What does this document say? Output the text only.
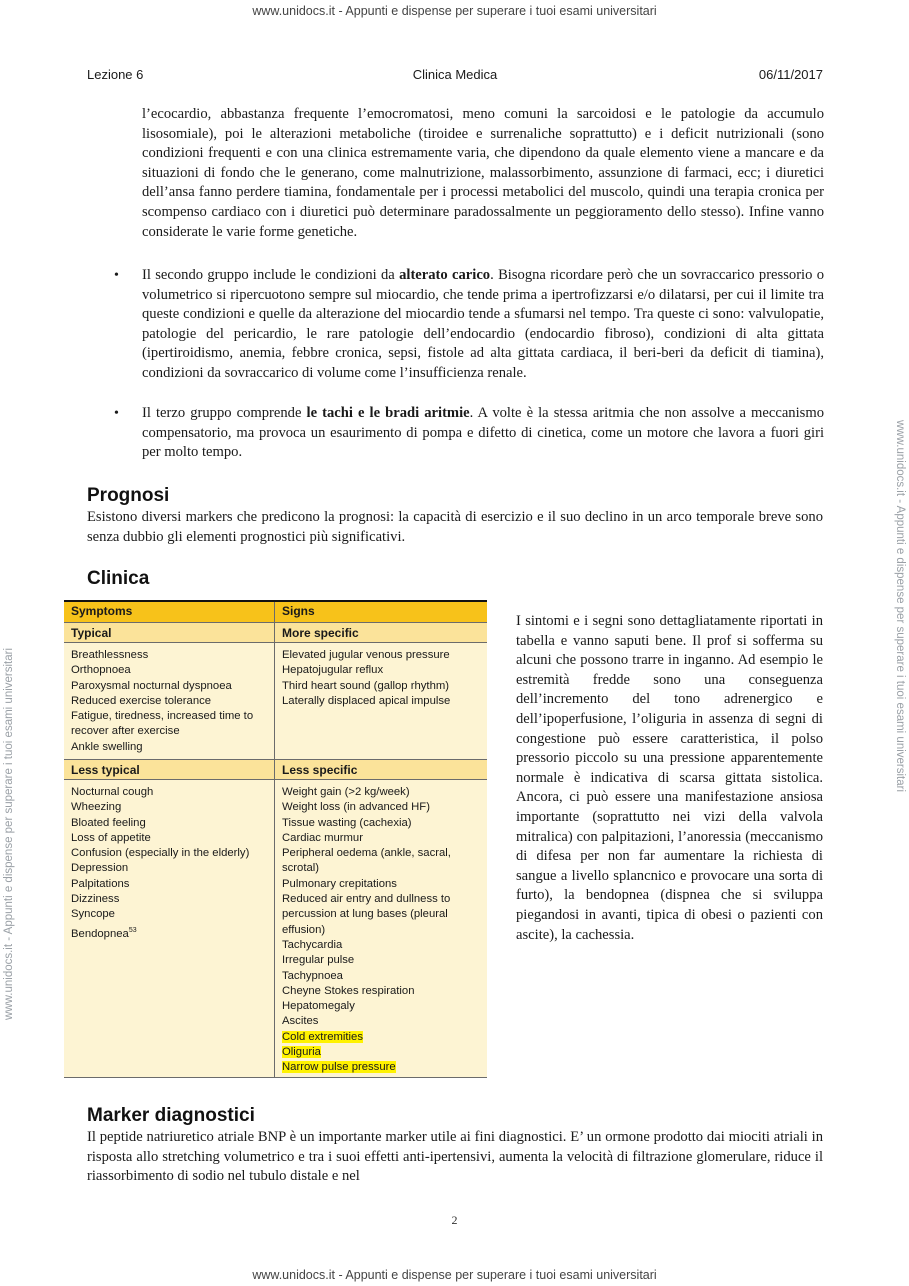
www.unidocs.it - Appunti e dispense per superare i tuoi esami universitari
www.unidocs.it - Appunti e dispense per superare i tuoi esami universitari
www.unidocs.it - Appunti e dispense per superare i tuoi esami universitari
Clinica Medica
Lezione 6	06/11/2017

l’ecocardio, abbastanza frequente l’emocromatosi, meno comuni la sarcoidosi e le patologie da accumulo lisosomiale), poi le alterazioni metaboliche (tiroidee e surrenaliche soprattutto) e i deficit nutrizionali (sono condizioni frequenti e con una clinica estremamente varia, che dipendono da quale elemento viene a mancare e da situazioni di fondo che le generano, come malnutrizione, malassorbimento, assunzione di farmaci, ecc; i diuretici dell’ansa fanno perdere tiamina, fondamentale per i processi metabolici del muscolo, quindi una terapia cronica per scompenso cardiaco con i diuretici può determinare paradossalmente un peggioramento dello stesso). Infine vanno considerate le varie forme genetiche.

• Il secondo gruppo include le condizioni da alterato carico. Bisogna ricordare però che un sovraccarico pressorio o volumetrico si ripercuotono sempre sul miocardio, che tende prima a ipertrofizzarsi e/o dilatarsi, per cui il limite tra queste condizioni e quelle da alterazione del miocardio tende a sfumarsi nel tempo. Tra queste ci sono: valvulopatie, patologie del pericardio, le rare patologie dell’endocardio (endocardio fibroso), condizioni di alta gittata (ipertiroidismo, anemia, febbre cronica, sepsi, fistole ad alta gittata cardiaca, il beri-beri da deficit di tiamina), condizioni da sovraccarico di volume come l’insufficienza renale.

• Il terzo gruppo comprende le tachi e le bradi aritmie. A volte è la stessa aritmia che non assolve a meccanismo compensatorio, ma provoca un esaurimento di pompa e difetto di cinetica, come un motore che lavora a fuori giri per molto tempo.

Prognosi

Esistono diversi markers che predicono la prognosi: la capacità di esercizio e il suo declino in un arco temporale breve sono senza dubbio gli elementi prognostici più significativi.

Clinica
Symptoms
Typical
Breathlessness
Orthopnoea
Paroxysmal nocturnal dyspnoea
Reduced exercise tolerance
Fatigue, tiredness, increased time to recover after exercise
Ankle swelling
Less typical
Nocturnal cough
Wheezing
Bloated feeling
Loss of appetite
Confusion (especially in the elderly)
Depression
Palpitations
Dizziness
Syncope
Bendopnea$^{53}$
Signs
More specific
Elevated jugular venous pressure
Hepatojugular reflux
Third heart sound (gallop rhythm)
Laterally displaced apical impulse
Less specific
Weight gain (>2 kg/week)
Weight loss (in advanced HF)
Tissue wasting (cachexia)
Cardiac murmur
Peripheral oedema (ankle, sacral, scrotal)
Pulmonary crepitations
Reduced air entry and dullness to percussion at lung bases (pleural effusion)
Tachycardia
Irregular pulse
Tachypnoea
Cheyne Stokes respiration
Hepatomegaly
Ascites
Cold extremities
Oliguria
Narrow pulse pressure

I sintomi e i segni sono dettagliatamente riportati in tabella e vanno saputi bene. Il prof si sofferma su alcuni che possono trarre in inganno. Ad esempio le estremità fredde sono una conseguenza dell’incremento del tono adrenergico e dell’ipoperfusione, l’oliguria in assenza di segni di congestione può essere caratteristica, il polso pressorio piccolo su una pressione apparentemente normale è indicativa di scarsa gittata sistolica. Ancora, ci può essere una manifestazione ansiosa importante (soprattutto nei vizi della valvola mitralica) con palpitazioni, l’anoressia (meccanismo di difesa per non far aumentare la richiesta di sangue a livello splancnico e provocare una sorta di furto), la bendopnea (dispnea che si sviluppa piegandosi in avanti, tipica di obesi o pazienti con ascite), la cachessia.

Marker diagnostici

Il peptide natriuretico atriale BNP è un importante marker utile ai fini diagnostici. E’ un ormone prodotto dai miociti atriali in risposta allo stretching volumetrico e tra i suoi effetti anti-ipertensivi, aumenta la velocità di filtrazione glomerulare, riduce il riassorbimento di sodio nel tubulo distale e nel

2
www.unidocs.it - Appunti e dispense per superare i tuoi esami universitari
